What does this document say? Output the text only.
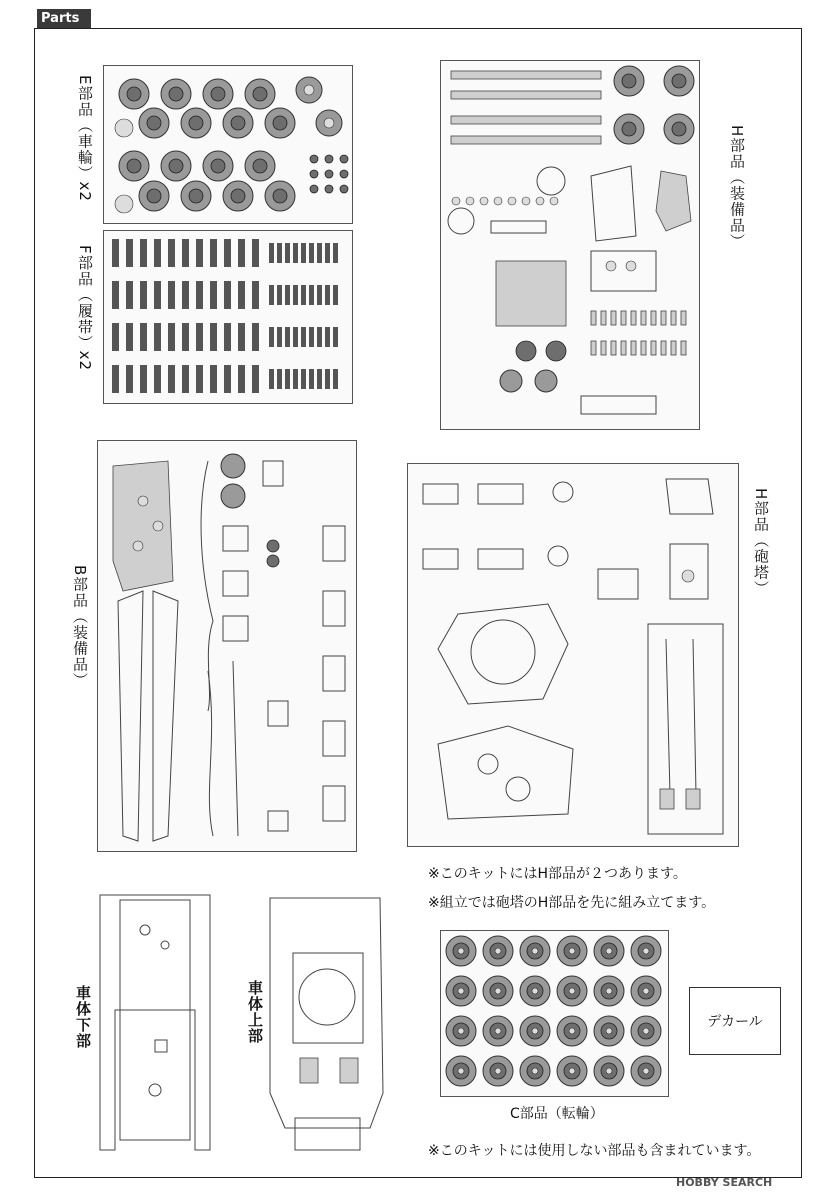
Parts
E部品（車輪）x2
F部品（履帯）x2
H部品（装備品）
B部品（装備品）
H部品（砲塔）
※このキットにはH部品が２つあります。
※組立では砲塔のH部品を先に組み立てます。
車体下部	車体上部
C部品（転輪）
デカール
※このキットには使用しない部品も含まれています。
HOBBY SEARCH
